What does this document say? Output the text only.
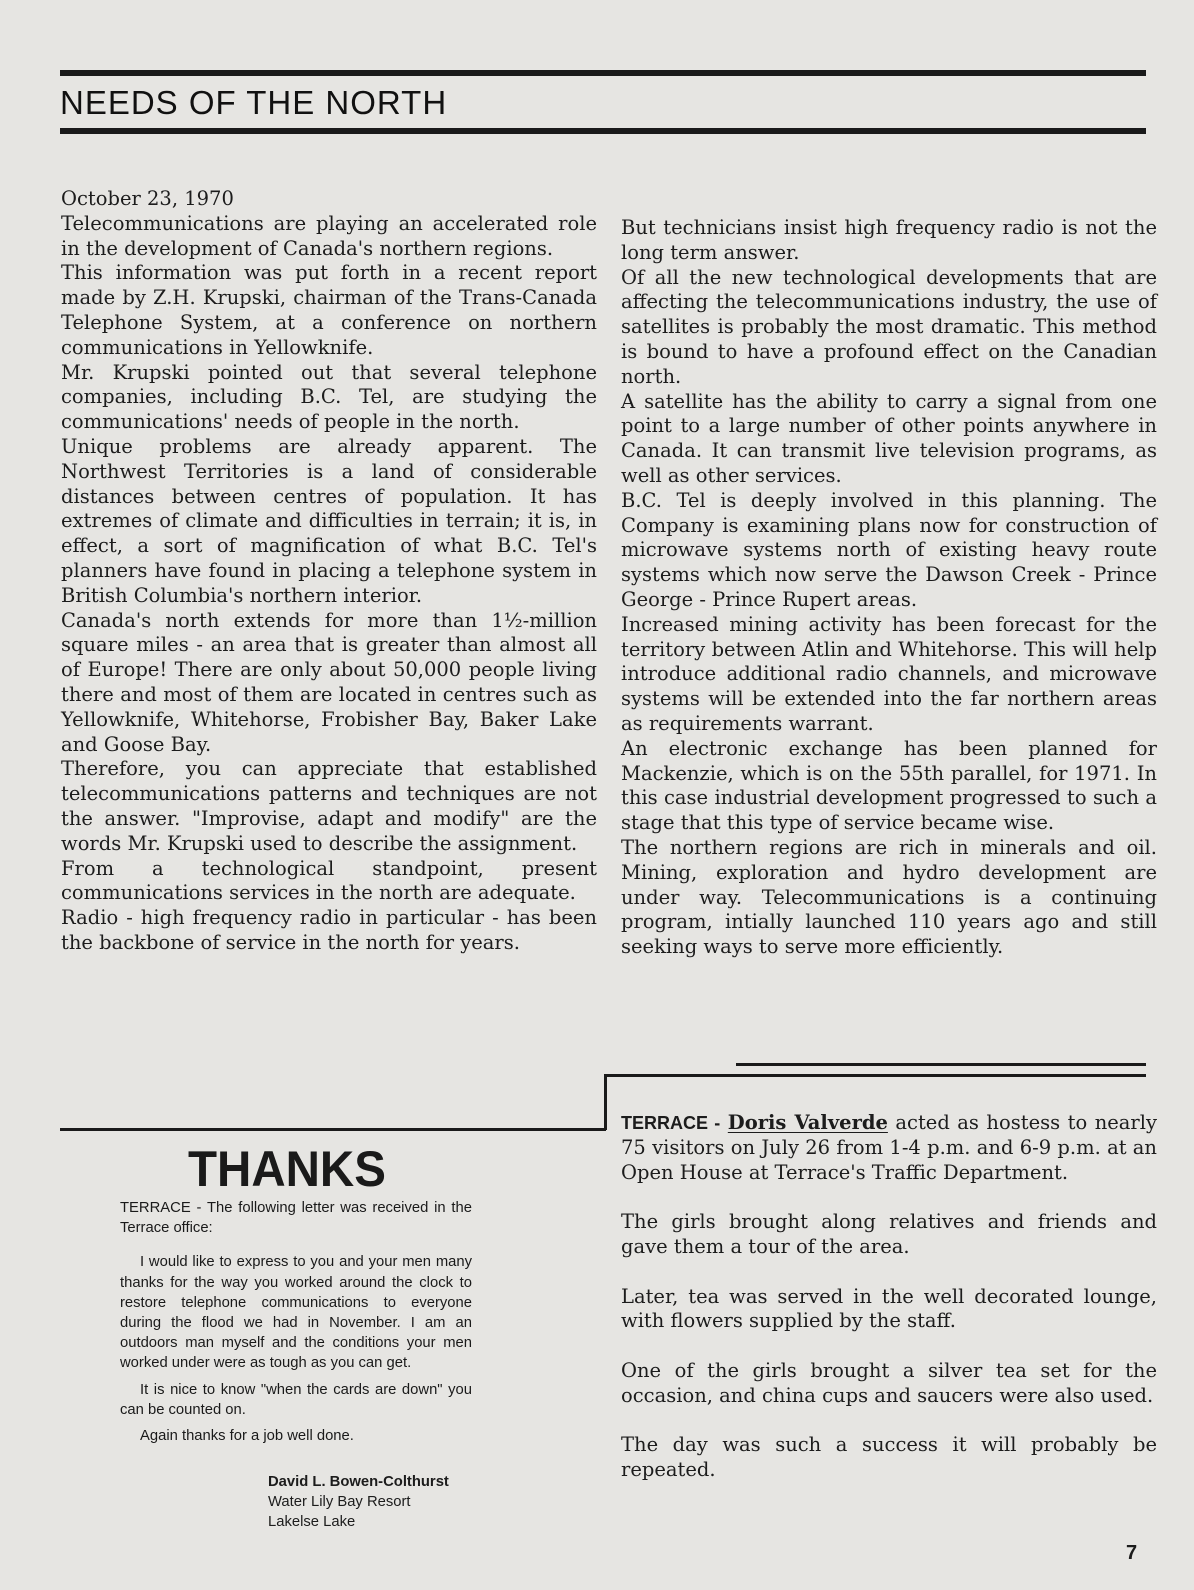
NEEDS OF THE NORTH

October 23, 1970

Telecommunications are playing an accelerated role in the development of Canada's northern regions.

This information was put forth in a recent report made by Z.H. Krupski, chairman of the Trans-Canada Telephone System, at a conference on northern communications in Yellowknife.

Mr. Krupski pointed out that several telephone companies, including B.C. Tel, are studying the communications' needs of people in the north.

Unique problems are already apparent. The Northwest Territories is a land of considerable distances between centres of population. It has extremes of climate and difficulties in terrain; it is, in effect, a sort of magnification of what B.C. Tel's planners have found in placing a telephone system in British Columbia's northern interior.

Canada's north extends for more than 1½-million square miles - an area that is greater than almost all of Europe! There are only about 50,000 people living there and most of them are located in centres such as Yellowknife, Whitehorse, Frobisher Bay, Baker Lake and Goose Bay.

Therefore, you can appreciate that established telecommunications patterns and techniques are not the answer. "Improvise, adapt and modify" are the words Mr. Krupski used to describe the assignment.

From a technological standpoint, present communications services in the north are adequate.

Radio - high frequency radio in particular - has been the backbone of service in the north for years.

But technicians insist high frequency radio is not the long term answer.

Of all the new technological developments that are affecting the telecommunications industry, the use of satellites is probably the most dramatic. This method is bound to have a profound effect on the Canadian north.

A satellite has the ability to carry a signal from one point to a large number of other points anywhere in Canada. It can transmit live television programs, as well as other services.

B.C. Tel is deeply involved in this planning. The Company is examining plans now for construction of microwave systems north of existing heavy route systems which now serve the Dawson Creek - Prince George - Prince Rupert areas.

Increased mining activity has been forecast for the territory between Atlin and Whitehorse. This will help introduce additional radio channels, and microwave systems will be extended into the far northern areas as requirements warrant.

An electronic exchange has been planned for Mackenzie, which is on the 55th parallel, for 1971. In this case industrial development progressed to such a stage that this type of service became wise.

The northern regions are rich in minerals and oil. Mining, exploration and hydro development are under way. Telecommunications is a continuing program, intially launched 110 years ago and still seeking ways to serve more efficiently.

THANKS

TERRACE - The following letter was received in the Terrace office:

I would like to express to you and your men many thanks for the way you worked around the clock to restore telephone communications to everyone during the flood we had in November. I am an outdoors man myself and the conditions your men worked under were as tough as you can get.

It is nice to know "when the cards are down" you can be counted on.

Again thanks for a job well done.

David L. Bowen-Colthurst
Water Lily Bay Resort
Lakelse Lake

TERRACE - Doris Valverde acted as hostess to nearly 75 visitors on July 26 from 1-4 p.m. and 6-9 p.m. at an Open House at Terrace's Traffic Department.

The girls brought along relatives and friends and gave them a tour of the area.

Later, tea was served in the well decorated lounge, with flowers supplied by the staff.

One of the girls brought a silver tea set for the occasion, and china cups and saucers were also used.

The day was such a success it will probably be repeated.

7
